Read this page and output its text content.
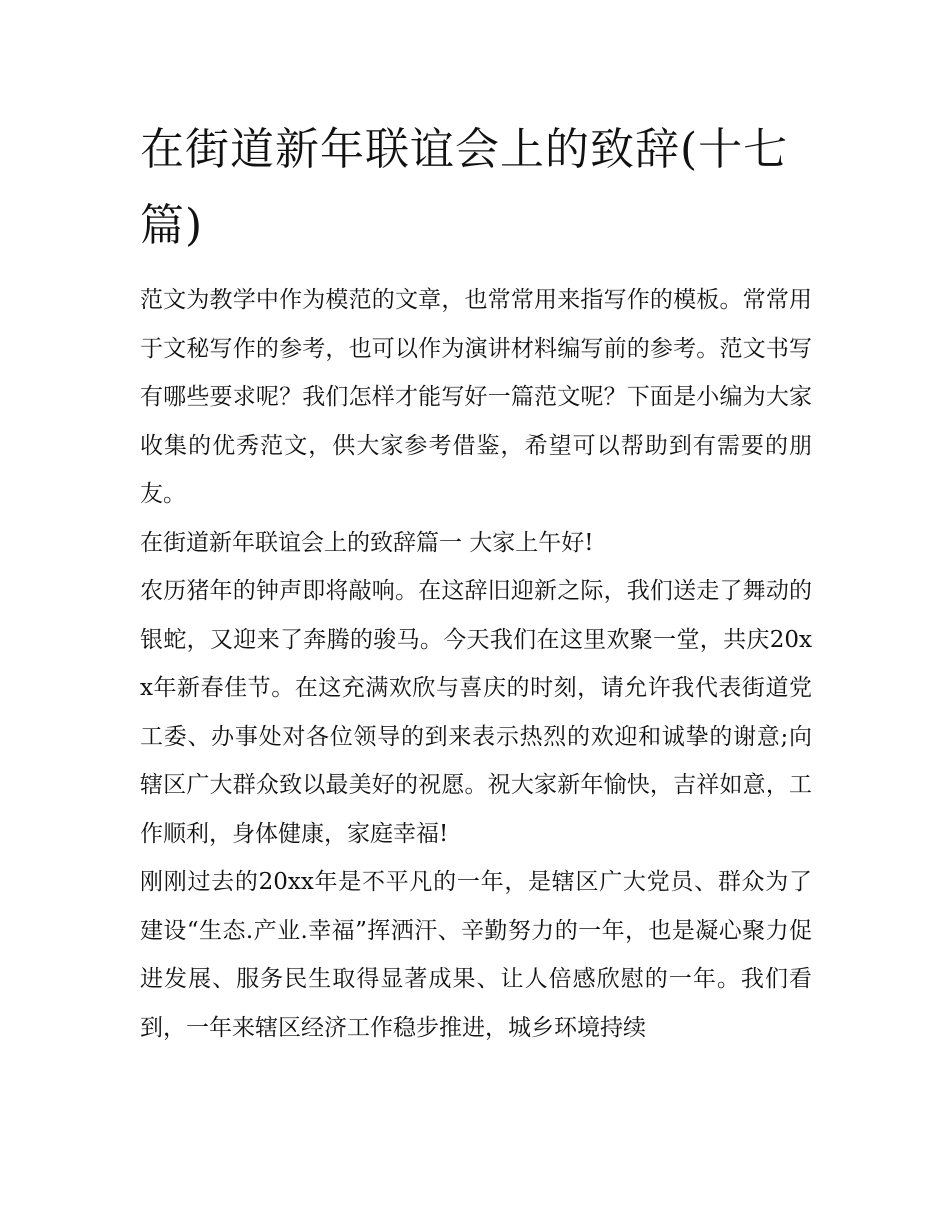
在街道新年联谊会上的致辞(十七篇)

范文为教学中作为模范的文章，也常常用来指写作的模板。常常用于文秘写作的参考，也可以作为演讲材料编写前的参考。范文书写有哪些要求呢？我们怎样才能写好一篇范文呢？下面是小编为大家收集的优秀范文，供大家参考借鉴，希望可以帮助到有需要的朋友。

在街道新年联谊会上的致辞篇一 大家上午好!

农历猪年的钟声即将敲响。在这辞旧迎新之际，我们送走了舞动的银蛇，又迎来了奔腾的骏马。今天我们在这里欢聚一堂，共庆20xx年新春佳节。在这充满欢欣与喜庆的时刻，请允许我代表街道党工委、办事处对各位领导的到来表示热烈的欢迎和诚挚的谢意;向辖区广大群众致以最美好的祝愿。祝大家新年愉快，吉祥如意，工作顺利，身体健康，家庭幸福!

刚刚过去的20xx年是不平凡的一年，是辖区广大党员、群众为了建设“生态.产业.幸福”挥洒汗、辛勤努力的一年，也是凝心聚力促进发展、服务民生取得显著成果、让人倍感欣慰的一年。我们看到，一年来辖区经济工作稳步推进，城乡环境持续
